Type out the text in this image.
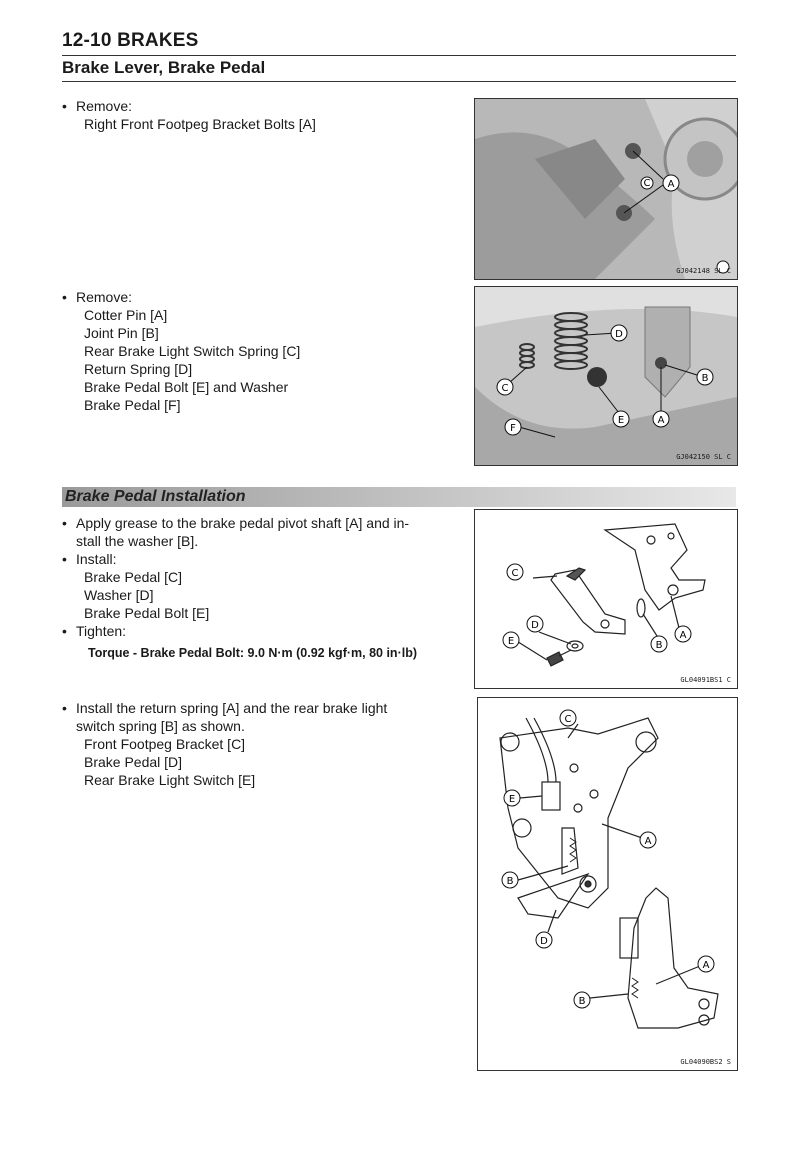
12-10 BRAKES
Brake Lever, Brake Pedal
• Remove:
Right Front Footpeg Bracket Bolts [A]
• Remove:
Cotter Pin [A]
Joint Pin [B]
Rear Brake Light Switch Spring [C]
Return Spring [D]
Brake Pedal Bolt [E] and Washer
Brake Pedal [F]
Brake Pedal Installation
• Apply grease to the brake pedal pivot shaft [A] and in-
stall the washer [B].
• Install:
Brake Pedal [C]
Washer [D]
Brake Pedal Bolt [E]
• Tighten:
Torque - Brake Pedal Bolt: 9.0 N·m (0.92 kgf·m, 80 in·lb)
• Install the return spring [A] and the rear brake light
switch spring [B] as shown.
Front Footpeg Bracket [C]
Brake Pedal [D]
Rear Brake Light Switch [E]
C A
GJ042148 SL C
D
B
C
E	A
F
GJ042150 SL C
C
D
E	B
A
GL04091BS1 C
C
E
A
B
D
A
B
GL04090BS2 S
